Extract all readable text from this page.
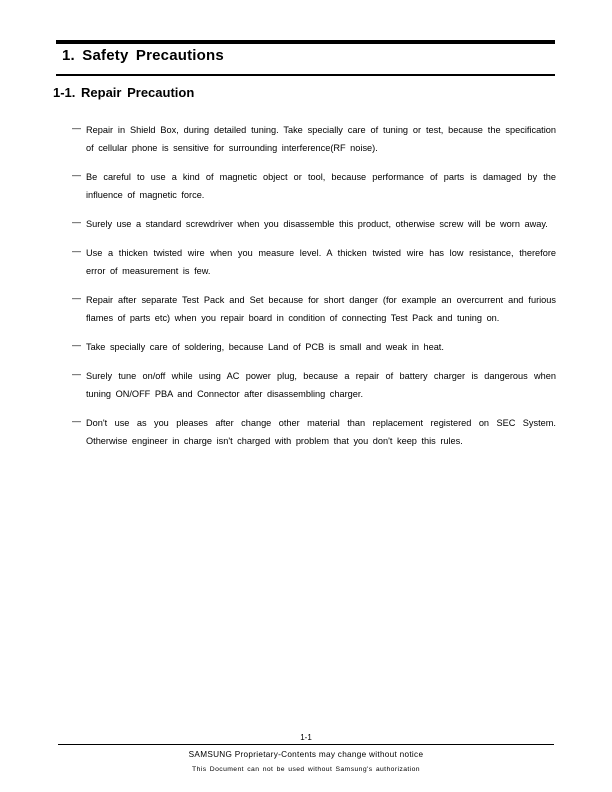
1. Safety Precautions
1-1. Repair Precaution
— Repair in Shield Box, during detailed tuning. Take specially care of tuning or test, because the specification of cellular phone is sensitive for surrounding interference(RF noise).
— Be careful to use a kind of magnetic object or tool, because performance of parts is damaged by the influence of magnetic force.
— Surely use a standard screwdriver when you disassemble this product, otherwise screw will be worn away.
— Use a thicken twisted wire when you measure level. A thicken twisted wire has low resistance, therefore error of measurement is few.
— Repair after separate Test Pack and Set because for short danger (for example an overcurrent and furious flames of parts etc) when you repair board in condition of connecting Test Pack and tuning on.
— Take specially care of soldering, because Land of PCB is small and weak in heat.
— Surely tune on/off while using AC power plug, because a repair of battery charger is dangerous when tuning ON/OFF PBA and Connector after disassembling charger.
— Don't use as you pleases after change other material than replacement registered on SEC System. Otherwise engineer in charge isn't charged with problem that you don't keep this rules.

1-1

SAMSUNG Proprietary-Contents may change without notice

This Document can not be used without Samsung's authorization
